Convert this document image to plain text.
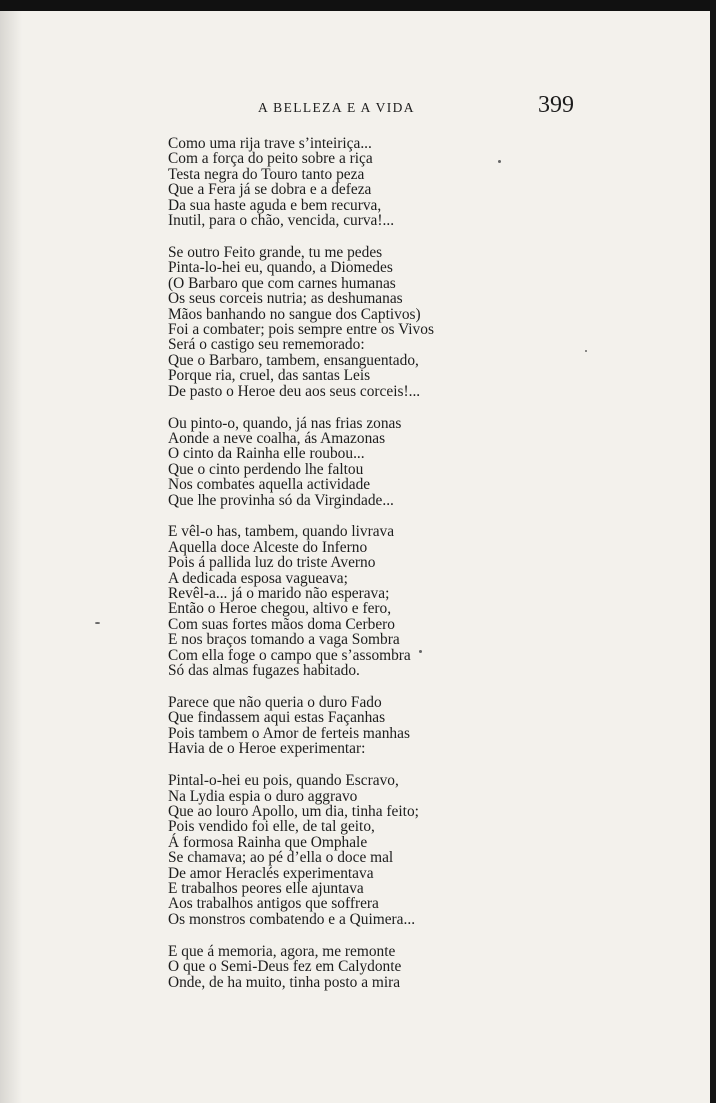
A BELLEZA E A VIDA	399
Como uma rija trave s’inteiriça...
Com a força do peito sobre a riça
Testa negra do Touro tanto peza
Que a Fera já se dobra e a defeza
Da sua haste aguda e bem recurva,
Inutil, para o chão, vencida, curva!...
Se outro Feito grande, tu me pedes
Pinta-lo-hei eu, quando, a Diomedes
(O Barbaro que com carnes humanas
Os seus corceis nutria; as deshumanas
Mãos banhando no sangue dos Captivos)
Foi a combater; pois sempre entre os Vivos
Será o castigo seu rememorado:
Que o Barbaro, tambem, ensanguentado,
Porque ria, cruel, das santas Leis
De pasto o Heroe deu aos seus corceis!...
Ou pinto-o, quando, já nas frias zonas
Aonde a neve coalha, ás Amazonas
O cinto da Rainha elle roubou...
Que o cinto perdendo lhe faltou
Nos combates aquella actividade
Que lhe provinha só da Virgindade...
E vêl-o has, tambem, quando livrava
Aquella doce Alceste do Inferno
Pois á pallida luz do triste Averno
A dedicada esposa vagueava;
Revêl-a... já o marido não esperava;
Então o Heroe chegou, altivo e fero,
Com suas fortes mãos doma Cerbero
E nos braços tomando a vaga Sombra
Com ella foge o campo que s’assombra
Só das almas fugazes habitado.
Parece que não queria o duro Fado
Que findassem aqui estas Façanhas
Pois tambem o Amor de ferteis manhas
Havia de o Heroe experimentar:
Pintal-o-hei eu pois, quando Escravo,
Na Lydia espia o duro aggravo
Que ao louro Apollo, um dia, tinha feito;
Pois vendido foi elle, de tal geito,
Á formosa Rainha que Omphale
Se chamava; ao pé d’ella o doce mal
De amor Heraclés experimentava
E trabalhos peores elle ajuntava
Aos trabalhos antigos que soffrera
Os monstros combatendo e a Quimera...
E que á memoria, agora, me remonte
O que o Semi-Deus fez em Calydonte
Onde, de ha muito, tinha posto a mira
